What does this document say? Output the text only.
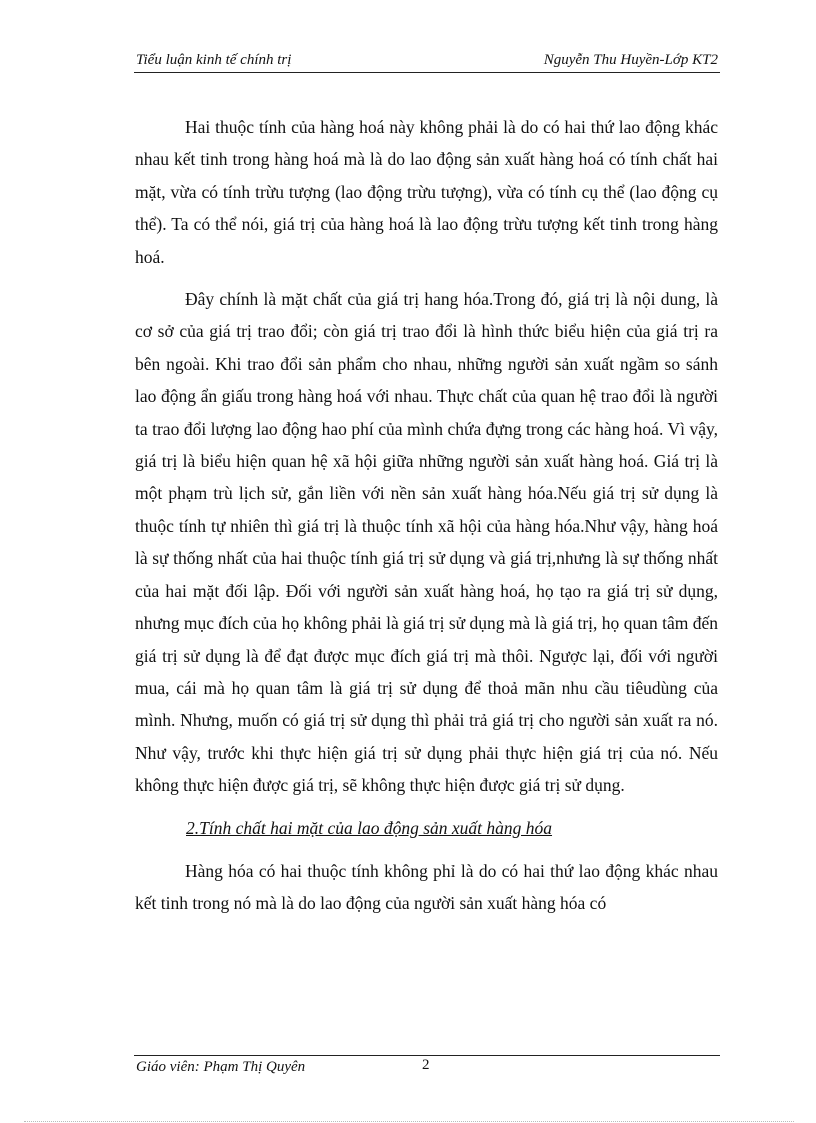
Tiểu luận kinh tế chính trị	Nguyễn Thu Huyền-Lớp KT2

Hai thuộc tính của hàng hoá này không phải là do có hai thứ lao động khác nhau kết tinh trong hàng hoá mà là do lao động sản xuất hàng hoá có tính chất hai mặt, vừa có tính trừu tượng (lao động trừu tượng), vừa có tính cụ thể (lao động cụ thể). Ta có thể nói, giá trị của hàng hoá là lao động trừu tượng kết tinh trong hàng hoá.

Đây chính là mặt chất của giá trị hang hóa.Trong đó, giá trị là nội dung, là cơ sở của giá trị trao đổi; còn giá trị trao đổi là hình thức biểu hiện của giá trị ra bên ngoài. Khi trao đổi sản phẩm cho nhau, những người sản xuất ngầm so sánh lao động ẩn giấu trong hàng hoá với nhau. Thực chất của quan hệ trao đổi là người ta trao đổi lượng lao động hao phí của mình chứa đựng trong các hàng hoá. Vì vậy, giá trị là biểu hiện quan hệ xã hội giữa những người sản xuất hàng hoá. Giá trị là một phạm trù lịch sử, gắn liền với nền sản xuất hàng hóa.Nếu giá trị sử dụng là thuộc tính tự nhiên thì giá trị là thuộc tính xã hội của hàng hóa.Như vậy, hàng hoá là sự thống nhất của hai thuộc tính giá trị sử dụng và giá trị,nhưng là sự thống nhất của hai mặt đối lập. Đối với người sản xuất hàng hoá, họ tạo ra giá trị sử dụng, nhưng mục đích của họ không phải là giá trị sử dụng mà là giá trị, họ quan tâm đến giá trị sử dụng là để đạt được mục đích giá trị mà thôi. Ngược lại, đối với người mua, cái mà họ quan tâm là giá trị sử dụng để thoả mãn nhu cầu tiêudùng của mình. Nhưng, muốn có giá trị sử dụng thì phải trả giá trị cho người sản xuất ra nó. Như vậy, trước khi thực hiện giá trị sử dụng phải thực hiện giá trị của nó. Nếu không thực hiện được giá trị, sẽ không thực hiện được giá trị sử dụng.

2.Tính chất hai mặt của lao động sản xuất hàng hóa

Hàng hóa có hai thuộc tính không phỉ là do có hai thứ lao động khác nhau kết tinh trong nó mà là do lao động của người sản xuất hàng hóa có

Giáo viên: Phạm Thị Quyên	2
